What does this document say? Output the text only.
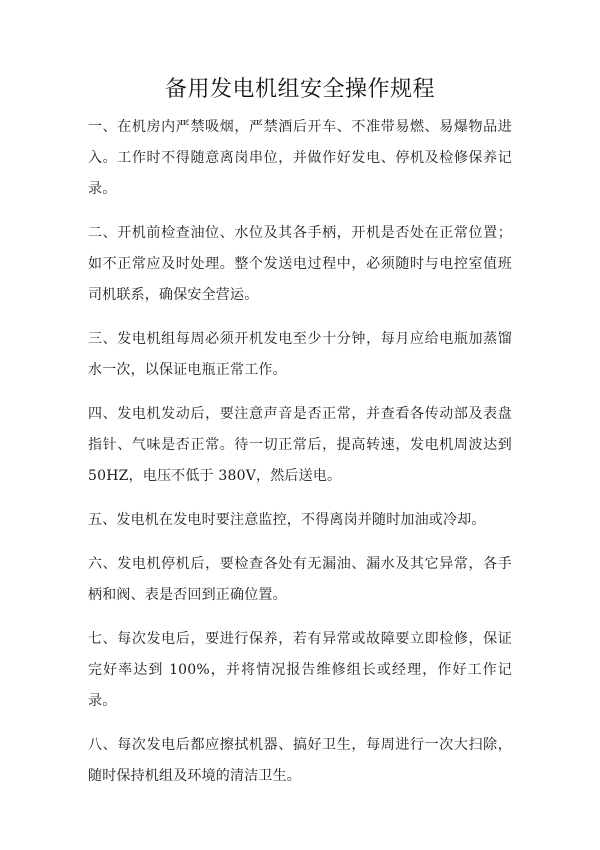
备用发电机组安全操作规程

一、在机房内严禁吸烟，严禁酒后开车、不准带易燃、易爆物品进入。工作时不得随意离岗串位，并做作好发电、停机及检修保养记录。

二、开机前检查油位、水位及其各手柄，开机是否处在正常位置；如不正常应及时处理。整个发送电过程中，必须随时与电控室值班司机联系，确保安全营运。

三、发电机组每周必须开机发电至少十分钟，每月应给电瓶加蒸馏水一次，以保证电瓶正常工作。

四、发电机发动后，要注意声音是否正常，并查看各传动部及表盘指针、气味是否正常。待一切正常后，提高转速，发电机周波达到 50HZ，电压不低于 380V，然后送电。

五、发电机在发电时要注意监控，不得离岗并随时加油或冷却。

六、发电机停机后，要检查各处有无漏油、漏水及其它异常，各手柄和阀、表是否回到正确位置。

七、每次发电后，要进行保养，若有异常或故障要立即检修，保证完好率达到 100%，并将情况报告维修组长或经理，作好工作记录。

八、每次发电后都应擦拭机器、搞好卫生，每周进行一次大扫除，随时保持机组及环境的清洁卫生。
